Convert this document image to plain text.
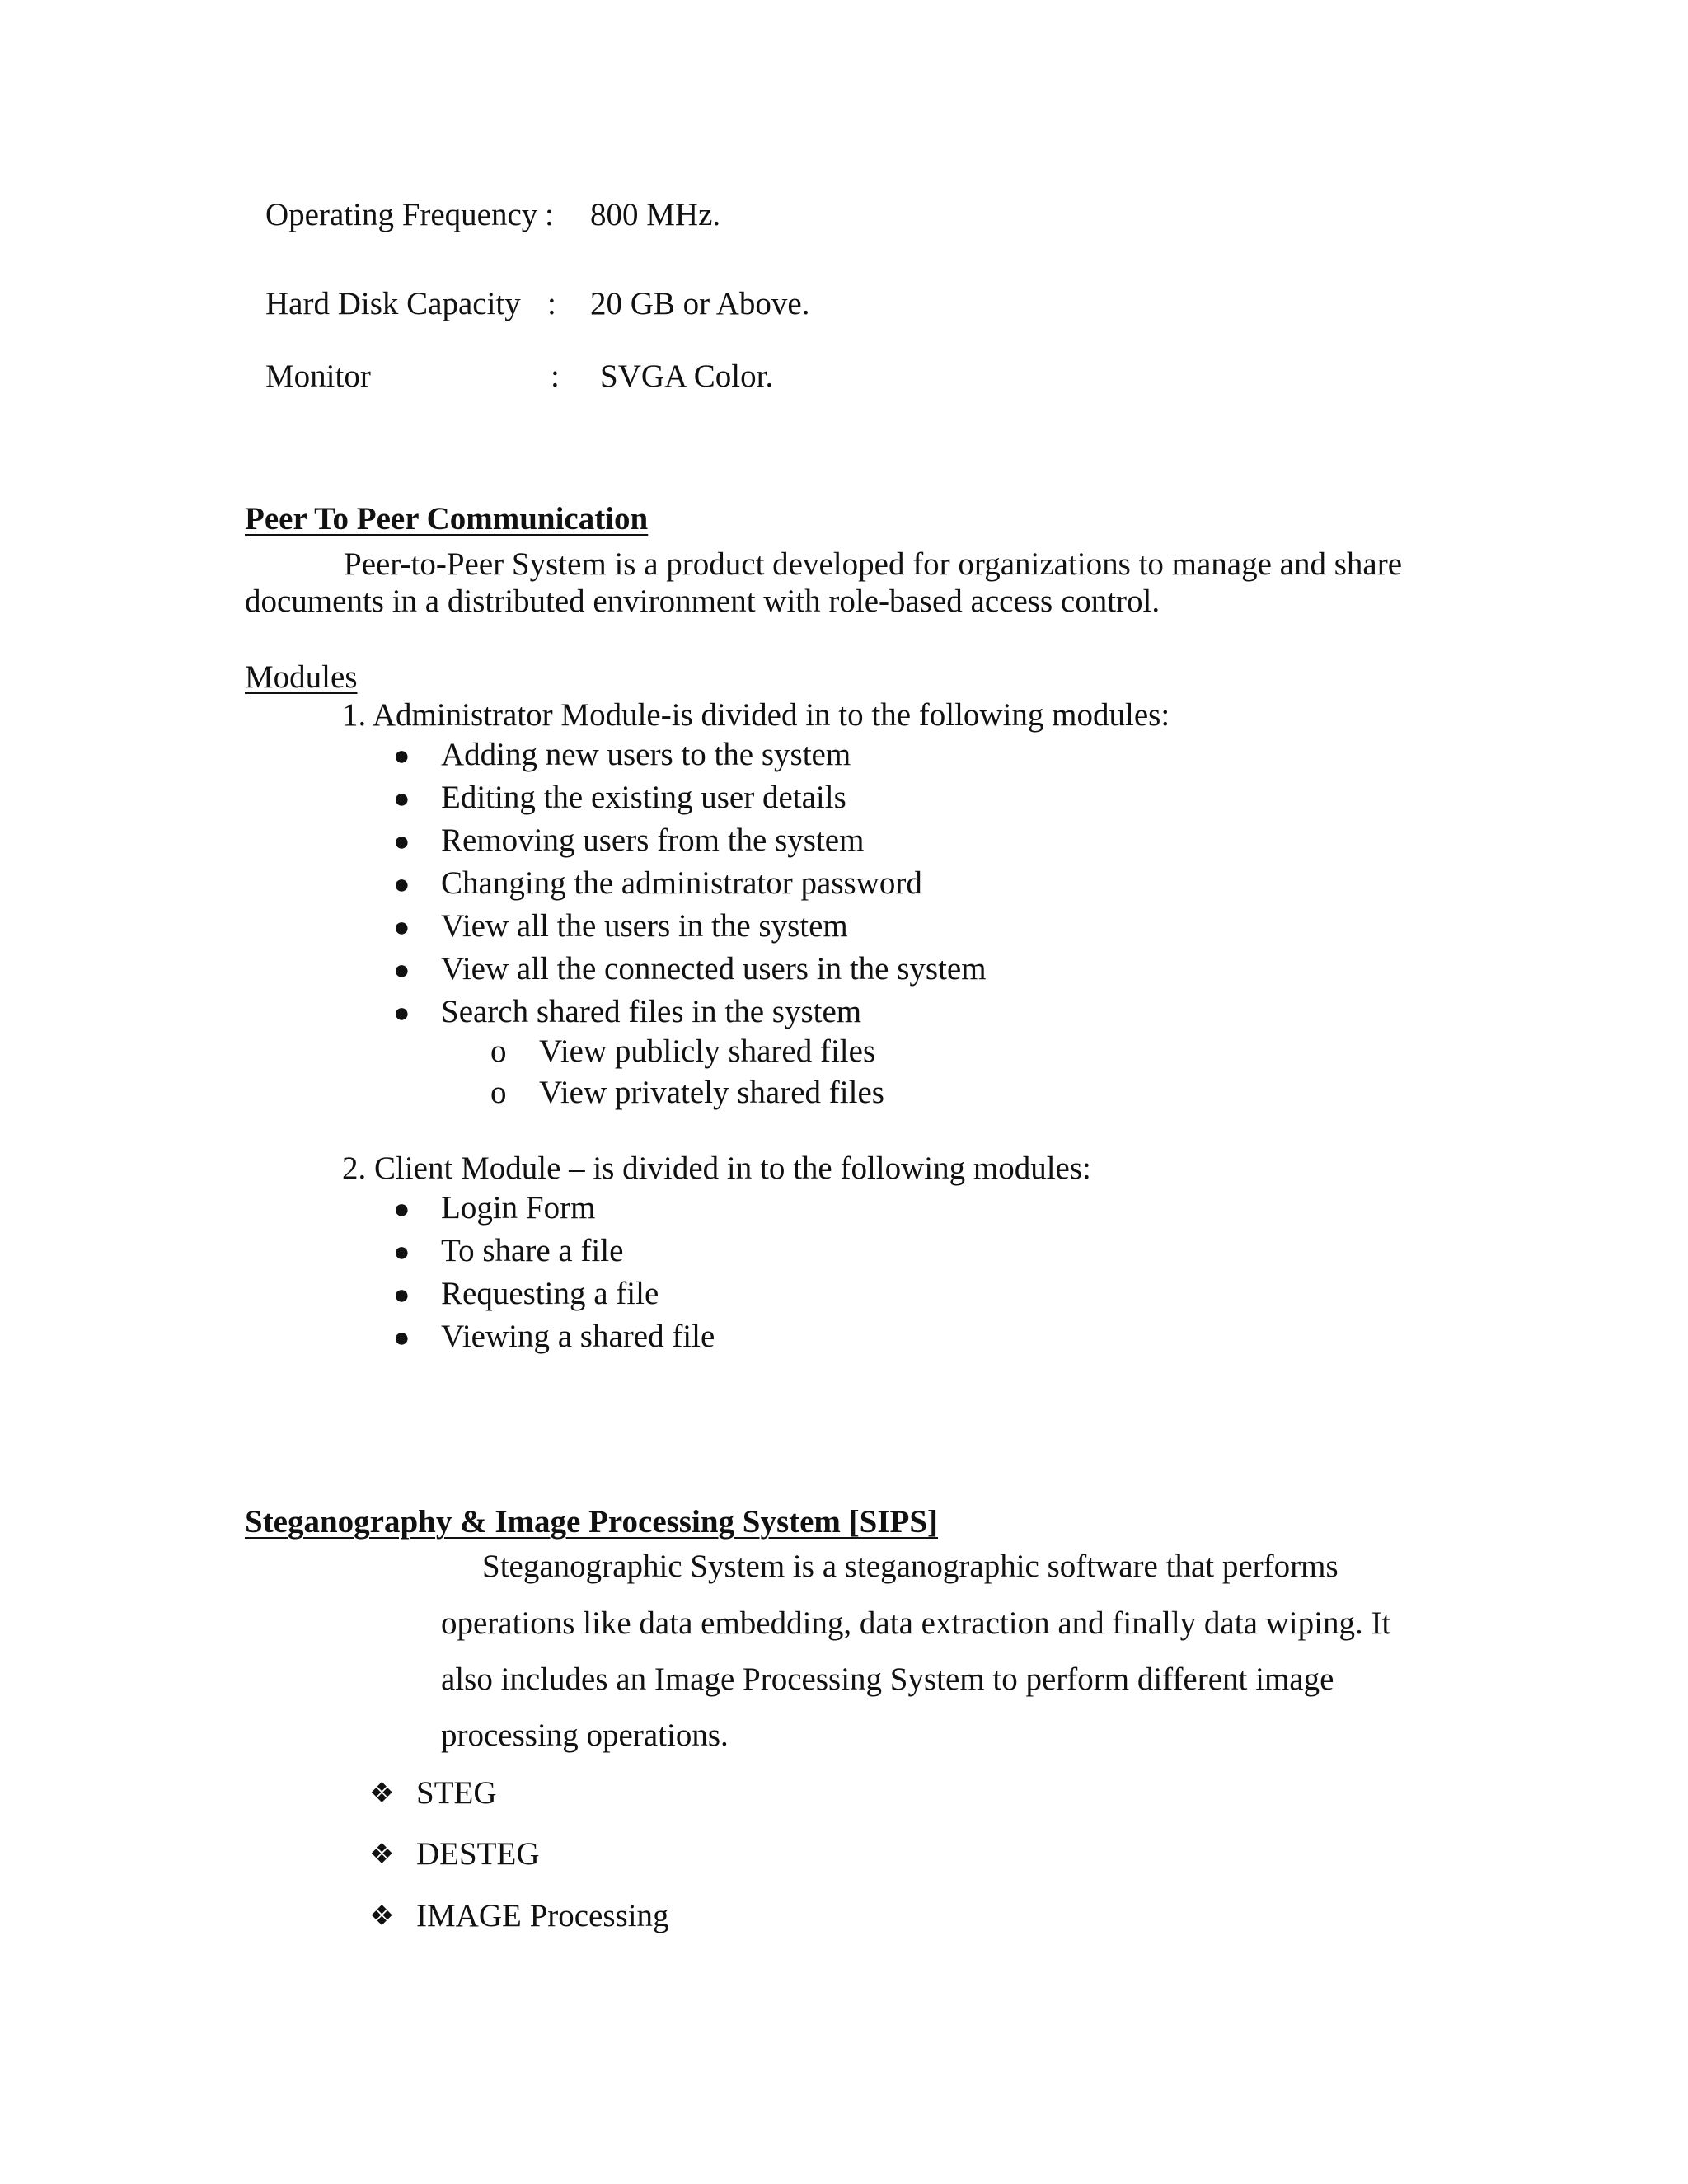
Operating Frequency : 800 MHz.
Hard Disk Capacity : 20 GB or Above.
Monitor	: SVGA Color.
Peer To Peer Communication
Peer-to-Peer System is a product developed for organizations to manage and share
documents in a distributed environment with role-based access control.
Modules
1. Administrator Module-is divided in to the following modules:
● Adding new users to the system
● Editing the existing user details
● Removing users from the system
● Changing the administrator password
● View all the users in the system
● View all the connected users in the system
● Search shared files in the system
o View publicly shared files
o View privately shared files
2. Client Module – is divided in to the following modules:
● Login Form
● To share a file
● Requesting a file
● Viewing a shared file
Steganography & Image Processing System [SIPS]
Steganographic System is a steganographic software that performs
operations like data embedding, data extraction and finally data wiping. It
also includes an Image Processing System to perform different image
processing operations.
❖ STEG
❖ DESTEG
❖ IMAGE Processing
